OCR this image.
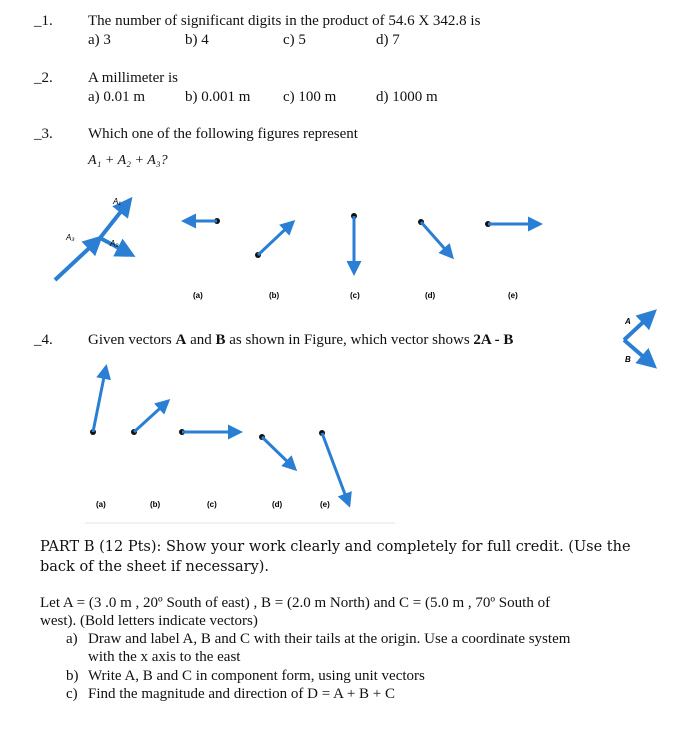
_1. The number of significant digits in the product of 54.6 X 342.8 is
a) 3	b) 4	c) 5	d) 7
_2. A millimeter is
a) 0.01 m	b) 0.001 m c) 100 m	d) 1000 m
_3. Which one of the following figures represent
A₁ + A₂ + A₃?
A₁
A₂
A₃
(a)	(b)	(c)	(d)	(e)
_4. Given vectors A and B as shown in Figure, which vector shows 2A - B
A
B
(a)	(b)	(c)	(d)	(e)
PART B (12 Pts): Show your work clearly and completely for full credit. (Use the
back of the sheet if necessary).
Let A = (3 .0 m , 20º South of east) , B = (2.0 m North) and C = (5.0 m , 70º South of
west). (Bold letters indicate vectors)
a) Draw and label A, B and C with their tails at the origin. Use a coordinate system
with the x axis to the east
b) Write A, B and C in component form, using unit vectors
c) Find the magnitude and direction of D = A + B + C
